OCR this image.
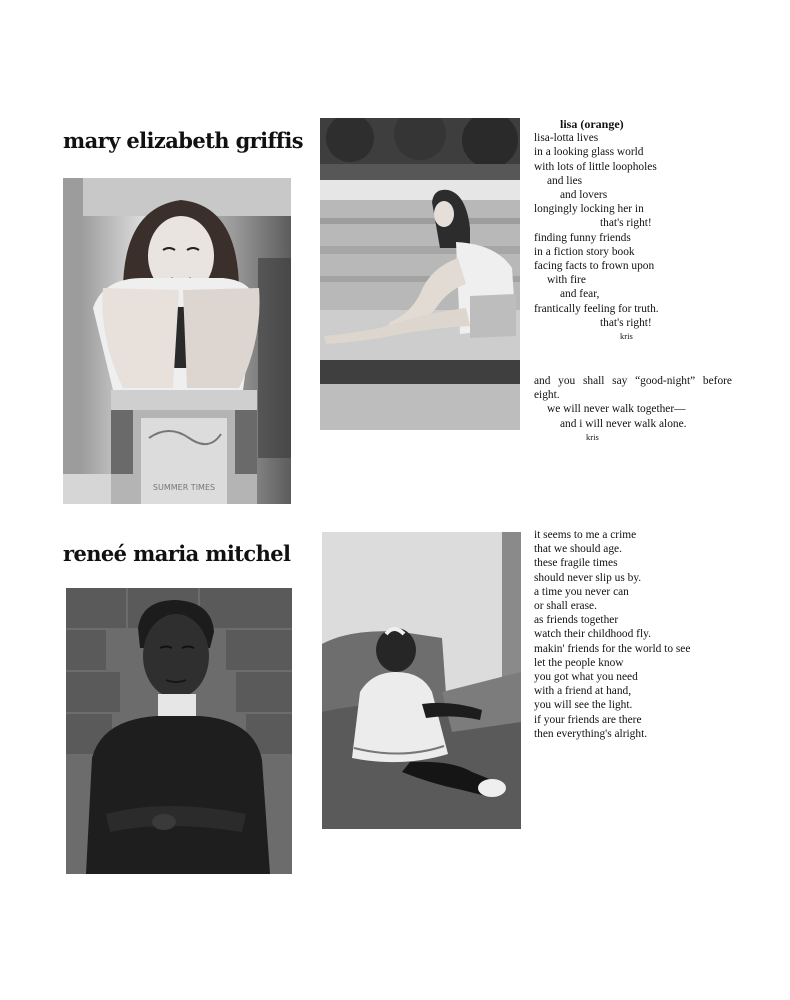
mary elizabeth griffis
SUMMER TIMES
lisa (orange)
lisa-lotta lives
in a looking glass world
with lots of little loopholes
and lies
and lovers
longingly locking her in
that's right!
finding funny friends
in a fiction story book
facing facts to frown upon
with fire
and fear,
frantically feeling for truth.
that's right!
kris
and you shall say “good-night” before eight.
we will never walk together—
and i will never walk alone.
kris
reneé maria mitchel
it seems to me a crime
that we should age.
these fragile times
should never slip us by.
a time you never can
or shall erase.
as friends together
watch their childhood fly.
makin' friends for the world to see
let the people know
you got what you need
with a friend at hand,
you will see the light.
if your friends are there
then everything's alright.
